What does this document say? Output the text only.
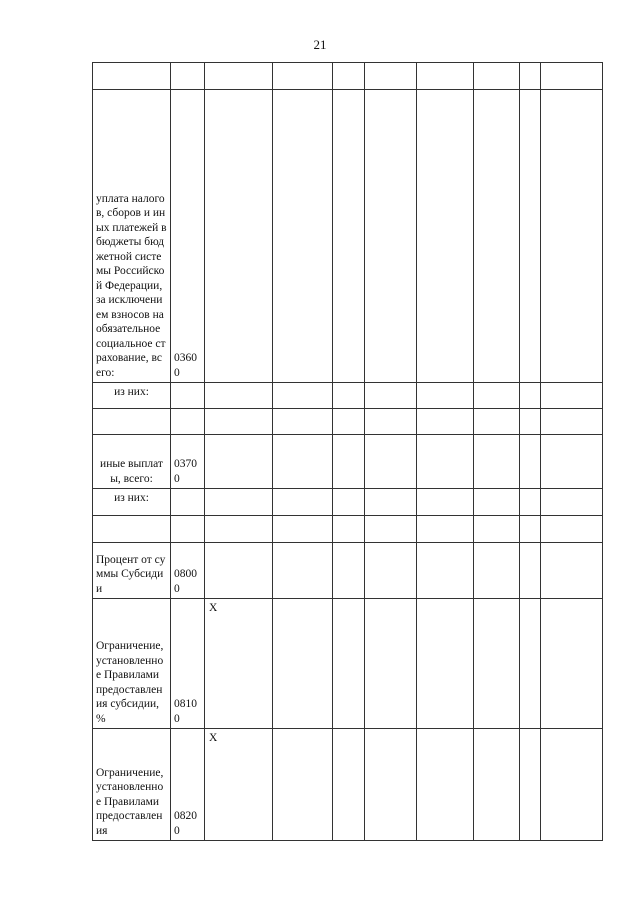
21

уплата налогов, сборов и иных платежей в бюджеты бюджетной системы Российской Федерации, за исключением взносов на обязательное социальное страхование, всего:	03600								
из них:									

иные выплаты, всего:	03700								
из них:									

Процент от суммы Субсидии	08000								
Ограничение, установленное Правилами предоставления субсидии, %	08100	X							
Ограничение, установленное Правилами предоставления	08200	X							
